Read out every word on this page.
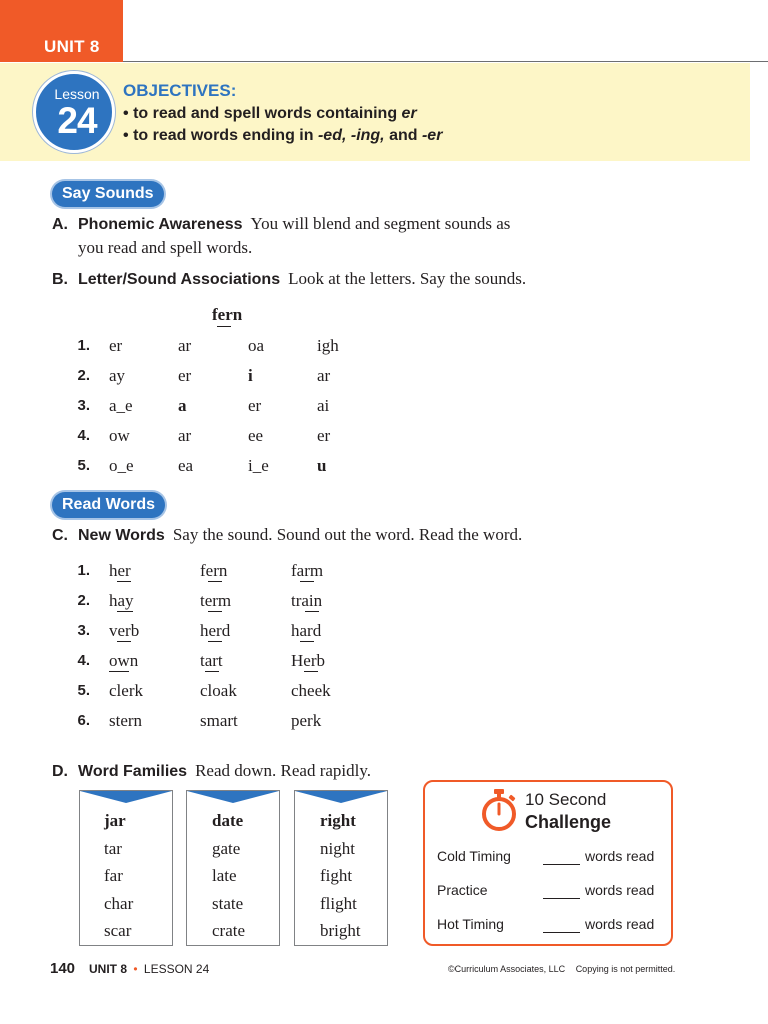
UNIT 8
Lesson
24
OBJECTIVES:
• to read and spell words containing er
• to read words ending in -ed, -ing, and -er
Say Sounds
A. Phonemic Awareness You will blend and segment sounds as
you read and spell words.
B. Letter/Sound Associations Look at the letters. Say the sounds.
fern
1. er	ar	oa	igh
2. ay	er	i	ar
3. a_e	a	er	ai
4. ow	ar	ee	er
5. o_e	ea	i_e	u
Read Words
C. New Words Say the sound. Sound out the word. Read the word.
1. her	fern	farm
2. hay	term	train
3. verb	herd	hard
4. own	tart	Herb
5. clerk	cloak	cheek
6. stern	smart	perk
D. Word Families Read down. Read rapidly.
jar
tar
far
char
scar
date
gate
late
state
crate
right
night
fight
flight
bright
10 Second
Challenge
Cold Timing	words read
Practice	words read
Hot Timing	words read
140 UNIT 8 • LESSON 24	©Curriculum Associates, LLC Copying is not permitted.
